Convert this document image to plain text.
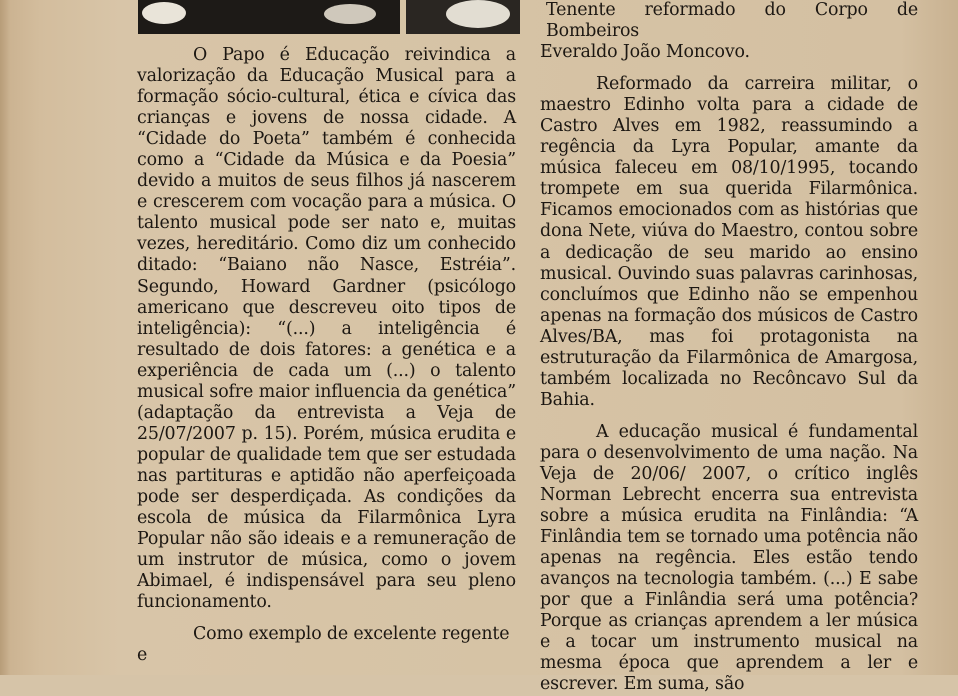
Tenente reformado do Corpo de Bombeiros

Everaldo João Moncovo.

Reformado da carreira militar, o maestro Edinho volta para a cidade de Castro Alves em 1982, reassumindo a regência da Lyra Popular, amante da música faleceu em 08/10/1995, tocando trompete em sua querida Filarmônica. Ficamos emocionados com as histórias que dona Nete, viúva do Maestro, contou sobre a dedicação de seu marido ao ensino musical. Ouvindo suas palavras carinhosas, concluímos que Edinho não se empenhou apenas na formação dos músicos de Castro Alves/BA, mas foi protagonista na estruturação da Filarmônica de Amargosa, também localizada no Recôncavo Sul da Bahia.

A educação musical é fundamental para o desenvolvimento de uma nação. Na Veja de 20/06/ 2007, o crítico inglês Norman Lebrecht encerra sua entrevista sobre a música erudita na Finlândia: “A Finlândia tem se tornado uma potência não apenas na regência. Eles estão tendo avanços na tecnologia também. (...) E sabe por que a Finlândia será uma potência? Porque as crianças aprendem a ler música e a tocar um instrumento musical na mesma época que aprendem a ler e escrever. Em suma, são

O Papo é Educação reivindica a valorização da Educação Musical para a formação sócio-cultural, ética e cívica das crianças e jovens de nossa cidade. A “Cidade do Poeta” também é conhecida como a “Cidade da Música e da Poesia” devido a muitos de seus filhos já nascerem e crescerem com vocação para a música. O talento musical pode ser nato e, muitas vezes, hereditário. Como diz um conhecido ditado: “Baiano não Nasce, Estréia”. Segundo, Howard Gardner (psicólogo americano que descreveu oito tipos de inteligência): “(...) a inteligência é resultado de dois fatores: a genética e a experiência de cada um (...) o talento musical sofre maior influencia da genética” (adaptação da entrevista a Veja de 25/07/2007 p. 15). Porém, música erudita e popular de qualidade tem que ser estudada nas partituras e aptidão não aperfeiçoada pode ser desperdiçada. As condições da escola de música da Filarmônica Lyra Popular não são ideais e a remuneração de um instrutor de música, como o jovem Abimael, é indispensável para seu pleno funcionamento.

Como exemplo de excelente regente e
